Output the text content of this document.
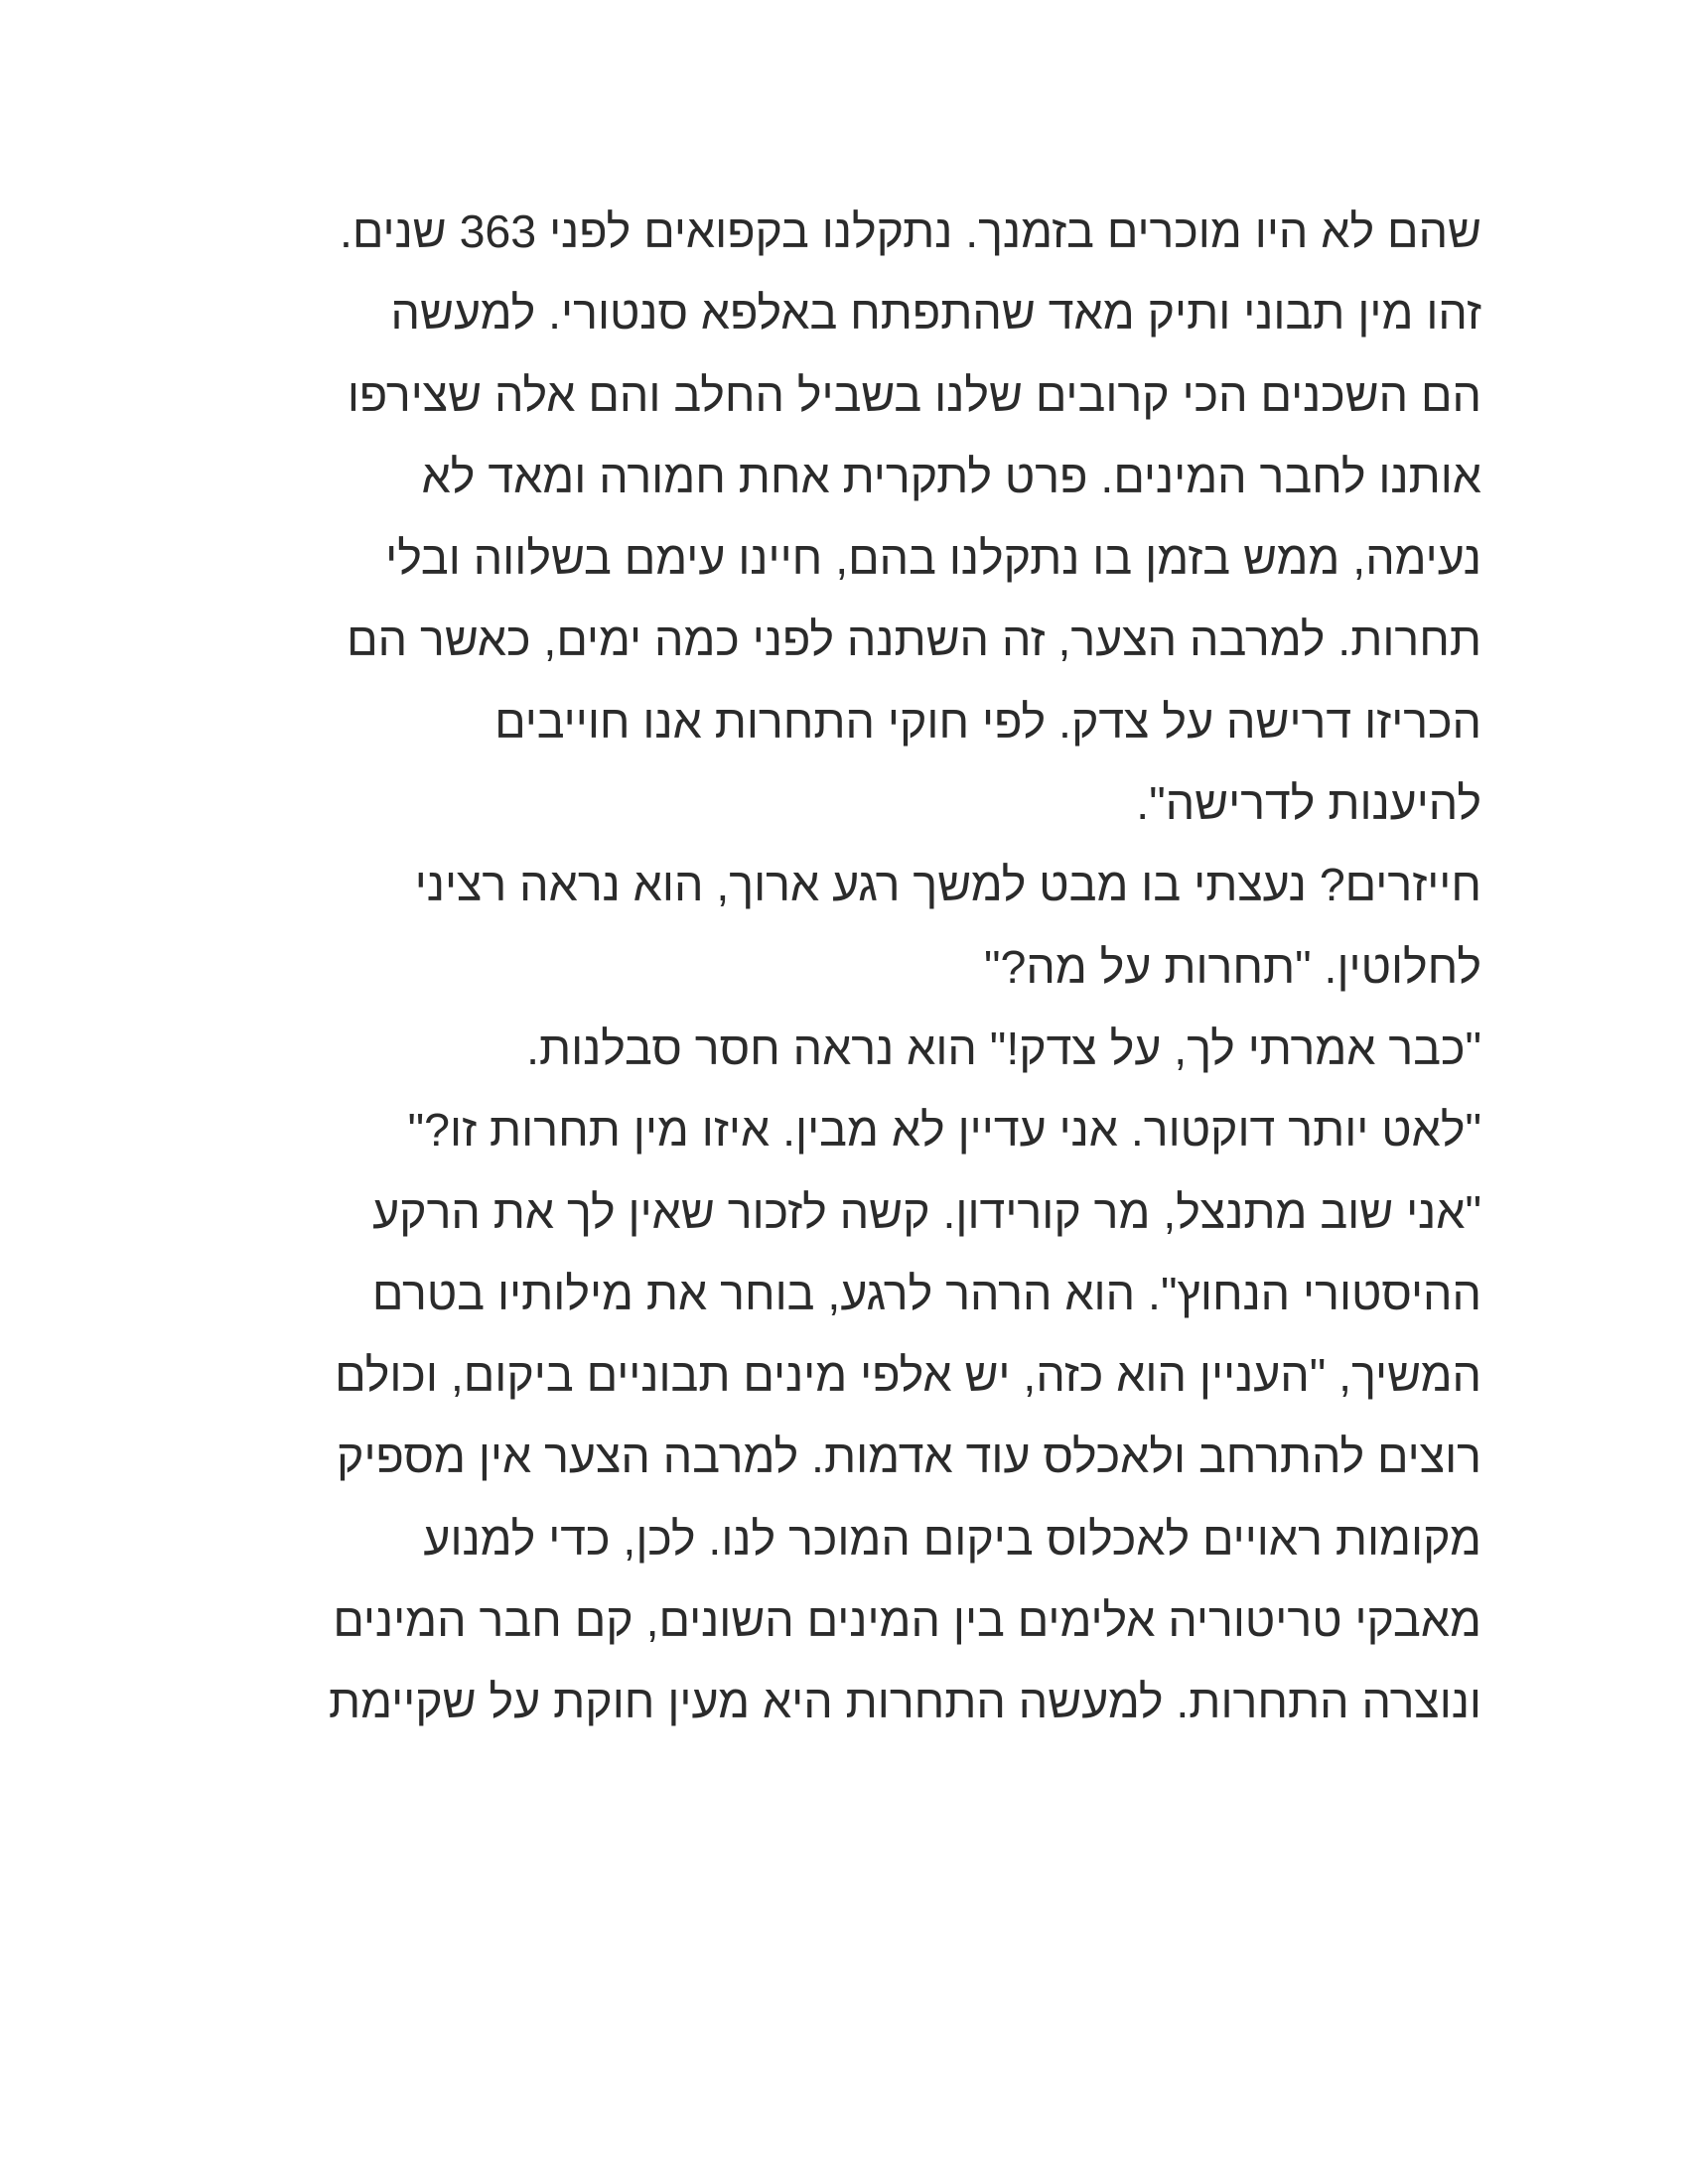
שהם לא היו מוכרים בזמנך. נתקלנו בקפואים לפני 363 שנים.
זהו מין תבוני ותיק מאד שהתפתח באלפא סנטורי. למעשה
הם השכנים הכי קרובים שלנו בשביל החלב והם אלה שצירפו
אותנו לחבר המינים. פרט לתקרית אחת חמורה ומאד לא
נעימה, ממש בזמן בו נתקלנו בהם, חיינו עימם בשלווה ובלי
תחרות. למרבה הצער, זה השתנה לפני כמה ימים, כאשר הם
הכריזו דרישה על צדק. לפי חוקי התחרות אנו חוייבים
להיענות לדרישה".
חייזרים? נעצתי בו מבט למשך רגע ארוך, הוא נראה רציני
לחלוטין. "תחרות על מה?"
"כבר אמרתי לך, על צדק!" הוא נראה חסר סבלנות.
"לאט יותר דוקטור. אני עדיין לא מבין. איזו מין תחרות זו?"
"אני שוב מתנצל, מר קורידון. קשה לזכור שאין לך את הרקע
ההיסטורי הנחוץ". הוא הרהר לרגע, בוחר את מילותיו בטרם
המשיך, "העניין הוא כזה, יש אלפי מינים תבוניים ביקום, וכולם
רוצים להתרחב ולאכלס עוד אדמות. למרבה הצער אין מספיק
מקומות ראויים לאכלוס ביקום המוכר לנו. לכן, כדי למנוע
מאבקי טריטוריה אלימים בין המינים השונים, קם חבר המינים
ונוצרה התחרות. למעשה התחרות היא מעין חוקת על שקיימת
